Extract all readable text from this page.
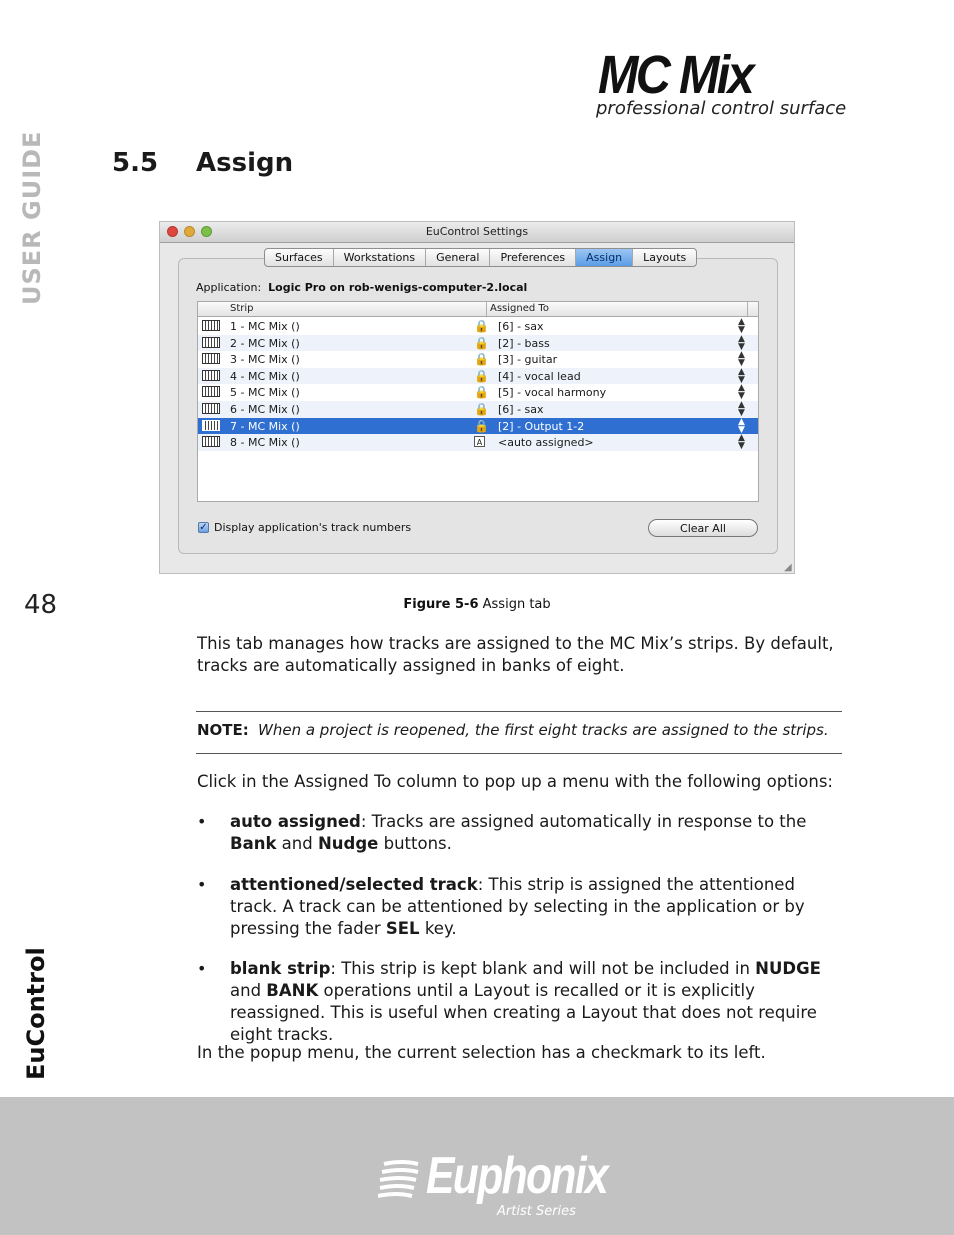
MC Mix
professional control surface
USER GUIDE
EuControl
48
5.5 Assign
EuControl Settings
Surfaces	Workstations	General	Preferences	Assign	Layouts
Application: Logic Pro on rob-wenigs-computer-2.local
Strip	Assigned To
1 - MC Mix ()	🔒 [6] - sax	▲
▼
2 - MC Mix ()	🔒 [2] - bass	▲
▼
3 - MC Mix ()	🔒 [3] - guitar	▲
▼
4 - MC Mix ()	🔒 [4] - vocal lead	▲
▼
5 - MC Mix ()	🔒 [5] - vocal harmony	▲
▼
6 - MC Mix ()	🔒 [6] - sax	▲
▼
7 - MC Mix ()	🔒 [2] - Output 1-2	▲
▼
8 - MC Mix ()	A <auto assigned>	▲
▼
✓ Display application's track numbers	Clear All
◢
Figure 5-6 Assign tab
This tab manages how tracks are assigned to the MC Mix’s strips. By default, tracks are automatically assigned in banks of eight.
NOTE: When a project is reopened, the first eight tracks are assigned to the strips.
Click in the Assigned To column to pop up a menu with the following options:
• auto assigned: Tracks are assigned automatically in response to the Bank and Nudge buttons.
• attentioned/selected track: This strip is assigned the attentioned track. A track can be attentioned by selecting in the application or by pressing the fader SEL key.
• blank strip: This strip is kept blank and will not be included in NUDGE and BANK operations until a Layout is recalled or it is explicitly reassigned. This is useful when creating a Layout that does not require eight tracks.
In the popup menu, the current selection has a checkmark to its left.
Euphonix
Artist Series
